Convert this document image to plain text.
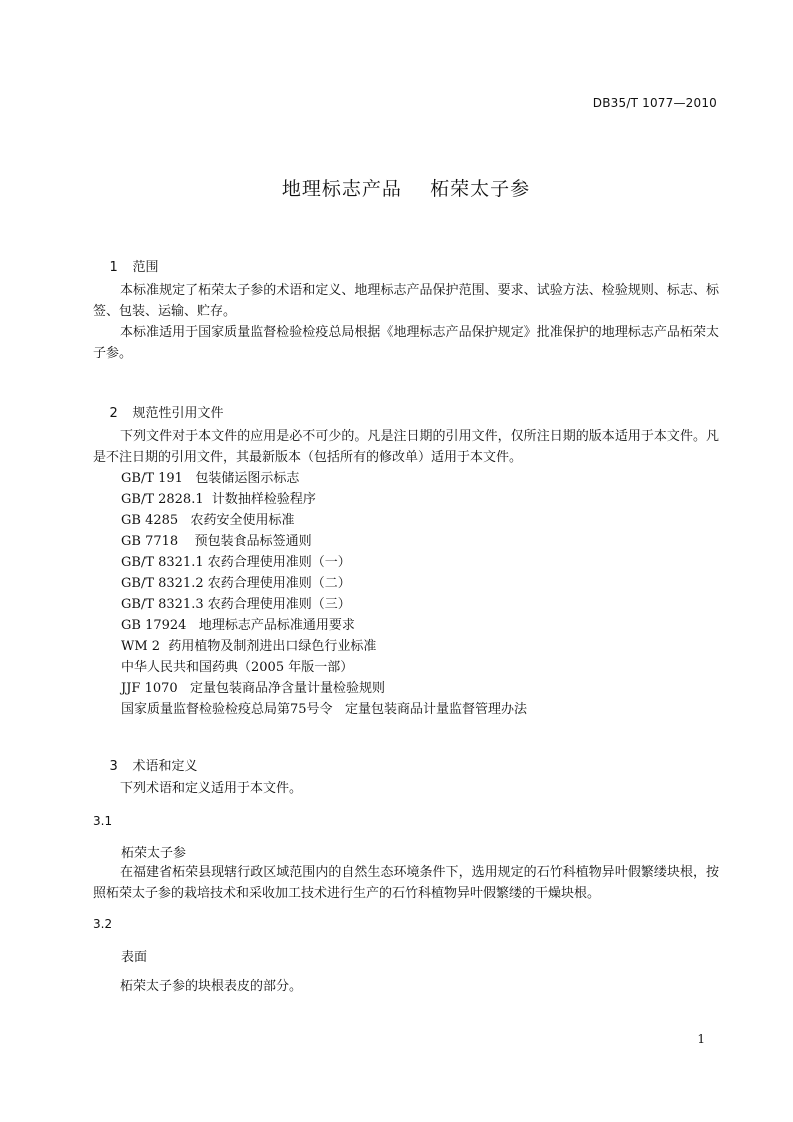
DB35/T 1077—2010
地理标志产品    柘荣太子参

1 范围

本标准规定了柘荣太子参的术语和定义、地理标志产品保护范围、要求、试验方法、检验规则、标志、标签、包装、运输、贮存。

本标准适用于国家质量监督检验检疫总局根据《地理标志产品保护规定》批准保护的地理标志产品柘荣太子参。

2 规范性引用文件

下列文件对于本文件的应用是必不可少的。凡是注日期的引用文件，仅所注日期的版本适用于本文件。凡是不注日期的引用文件，其最新版本（包括所有的修改单）适用于本文件。

GB/T 191   包装储运图示标志
GB/T 2828.1  计数抽样检验程序
GB 4285   农药安全使用标准
GB 7718    预包装食品标签通则
GB/T 8321.1 农药合理使用准则（一）
GB/T 8321.2 农药合理使用准则（二）
GB/T 8321.3 农药合理使用准则（三）
GB 17924   地理标志产品标准通用要求
WM 2  药用植物及制剂进出口绿色行业标准
中华人民共和国药典（2005 年版一部）
JJF 1070   定量包装商品净含量计量检验规则
国家质量监督检验检疫总局第75号令   定量包装商品计量监督管理办法

3 术语和定义

下列术语和定义适用于本文件。

3.1
柘荣太子参

在福建省柘荣县现辖行政区域范围内的自然生态环境条件下，选用规定的石竹科植物异叶假繁缕块根，按照柘荣太子参的栽培技术和采收加工技术进行生产的石竹科植物异叶假繁缕的干燥块根。

3.2
表面

柘荣太子参的块根表皮的部分。

1
